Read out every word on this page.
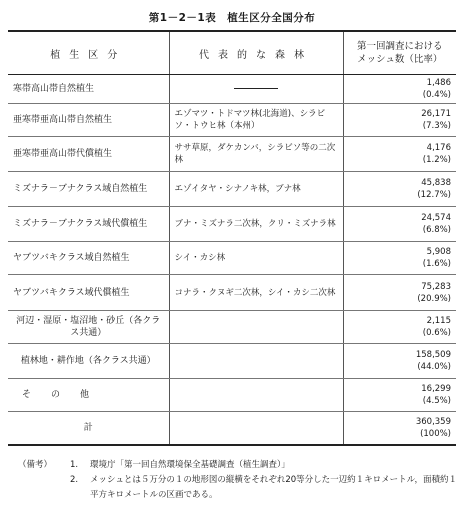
第1－2－1表　植生区分全国分布
植生区分	代表的な森林	第一回調査における
メッシュ数（比率）
寒帯高山帯自然植生		1,486
(0.4%)

亜寒帯亜高山帯自然植生	エゾマツ・トドマツ林(北海道)、シラビソ・トウヒ林（本州）	26,171
(7.3%)

亜寒帯亜高山帯代償植生	ササ草原，ダケカンバ，シラビソ等の二次林	4,176
(1.2%)

ミズナラ－ブナクラス域自然植生	エゾイタヤ・シナノキ林，ブナ林	45,838
(12.7%)

ミズナラ－ブナクラス域代償植生	ブナ・ミズナラ二次林，クリ・ミズナラ林	24,574
(6.8%)

ヤブツバキクラス域自然植生	シイ・カシ林	5,908
(1.6%)

ヤブツバキクラス域代償植生	コナラ・クヌギ二次林，シイ・カシ二次林	75,283
(20.9%)

河辺・湿原・塩沼地・砂丘（各クラス共通）		2,115
(0.6%)

植林地・耕作地（各クラス共通）		158,509
(44.0%)

その他		16,299
(4.5%)

計		360,359
(100%)
（備考）	1.	環境庁「第一回自然環境保全基礎調査（植生調査）」
2.	メッシュとは５万分の１の地形図の縦横をそれぞれ20等分した一辺約１キロメートル，面積約１平方キロメートルの区画である。
